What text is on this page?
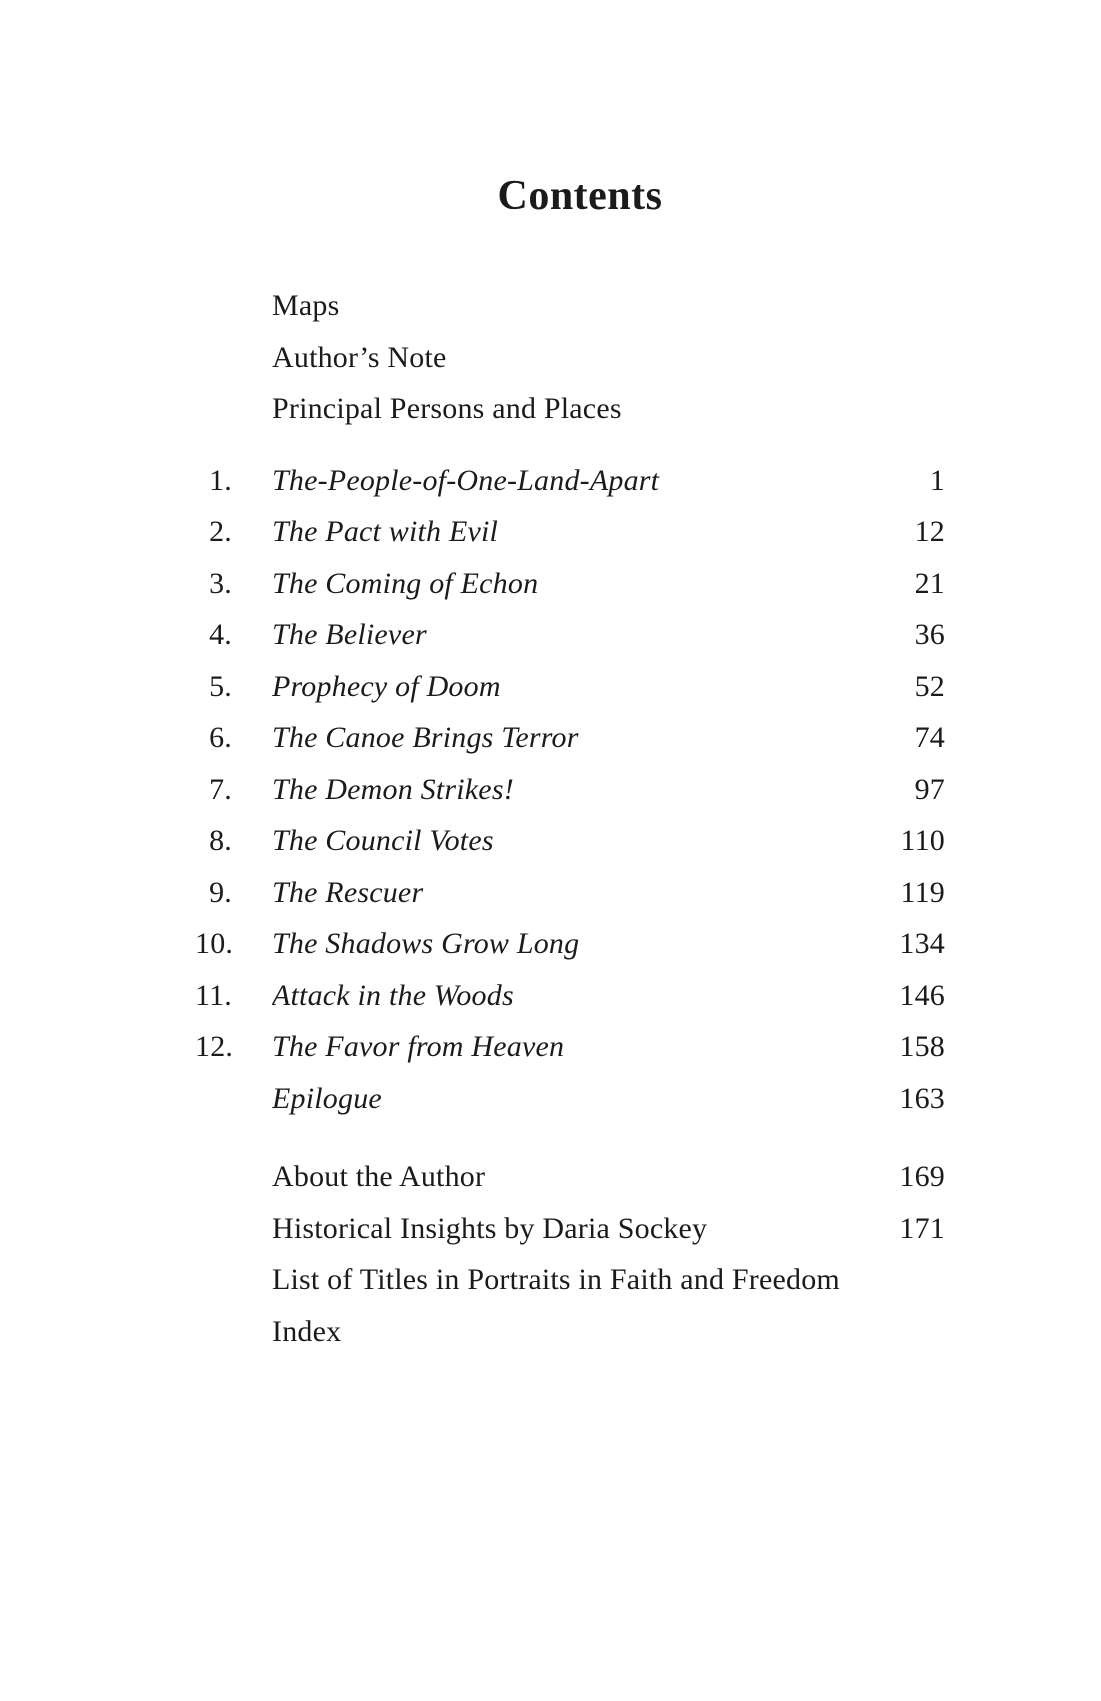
Contents
Maps
Author’s Note
Principal Persons and Places
1. The-People-of-One-Land-Apart	1
2. The Pact with Evil	12
3. The Coming of Echon	21
4. The Believer	36
5. Prophecy of Doom	52
6. The Canoe Brings Terror	74
7. The Demon Strikes!	97
8. The Council Votes	110
9. The Rescuer	119
10. The Shadows Grow Long	134
11. Attack in the Woods	146
12. The Favor from Heaven	158
Epilogue	163
About the Author	169
Historical Insights by Daria Sockey	171
List of Titles in Portraits in Faith and Freedom
Index
